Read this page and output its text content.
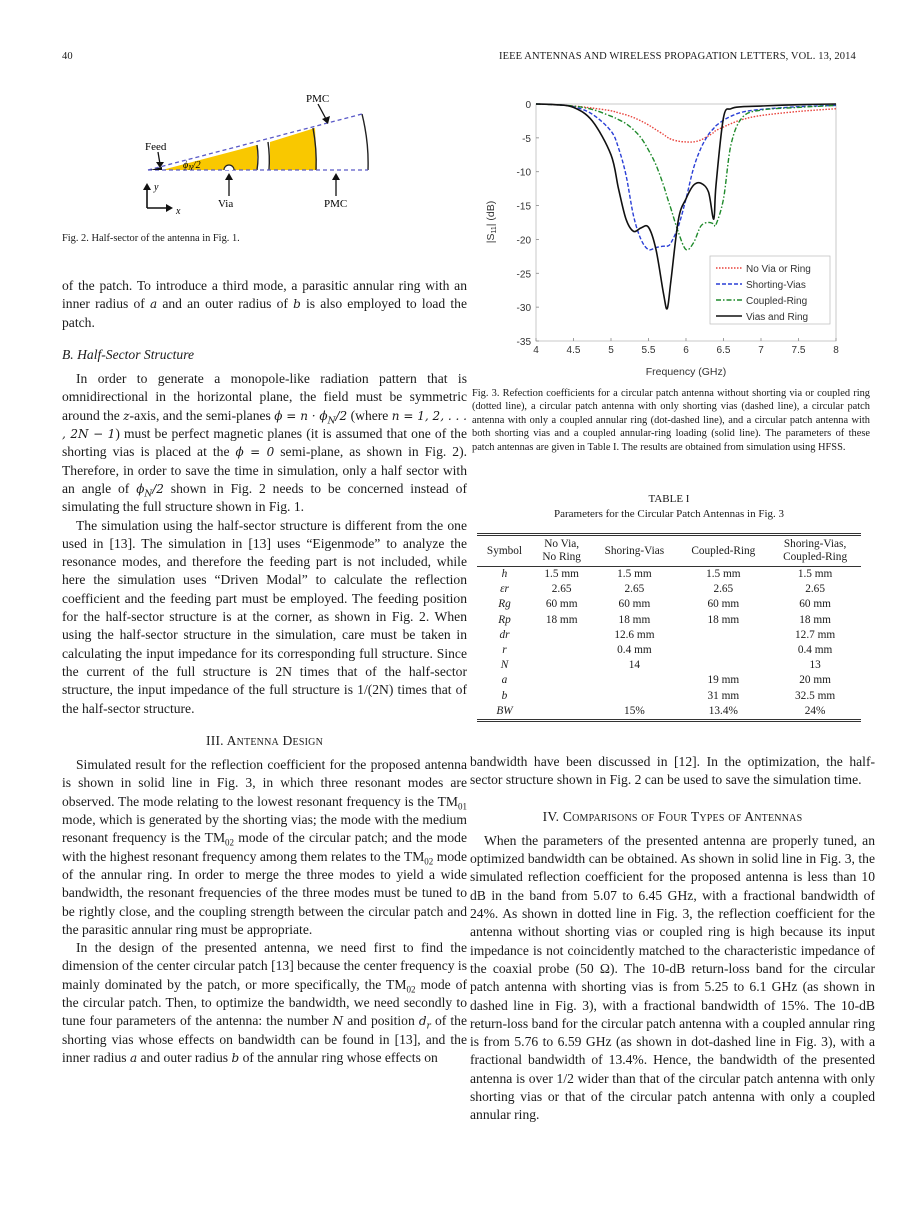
40	IEEE ANTENNAS AND WIRELESS PROPAGATION LETTERS, VOL. 13, 2014
PMC
PMC
Feed
Via
$\phi_N/2$
y
x
Fig. 2. Half-sector of the antenna in Fig. 1.

of the patch. To introduce a third mode, a parasitic annular ring with an inner radius of a and an outer radius of b is also employed to load the patch.

B. Half-Sector Structure

In order to generate a monopole-like radiation pattern that is omnidirectional in the horizontal plane, the field must be symmetric around the z-axis, and the semi-planes $\phi = n \cdot \phi_N/2$ (where n = 1, 2, . . . , 2N − 1) must be perfect magnetic planes (it is assumed that one of the shorting vias is placed at the ϕ = 0 semi-plane, as shown in Fig. 2). Therefore, in order to save the time in simulation, only a half sector with an angle of $\phi_N/2$ shown in Fig. 2 needs to be concerned instead of simulating the full structure shown in Fig. 1.

The simulation using the half-sector structure is different from the one used in [13]. The simulation in [13] uses “Eigenmode” to analyze the resonance modes, and therefore the feeding part is not included, while here the simulation uses “Driven Modal” to calculate the reflection coefficient and the feeding part must be employed. The feeding position for the half-sector structure is at the corner, as shown in Fig. 2. When using the half-sector structure in the simulation, care must be taken in calculating the input impedance for its corresponding full structure. Since the current of the full structure is 2N times that of the half-sector structure, the input impedance of the full structure is 1/(2N) times that of the half-sector structure.

III. Antenna Design

Simulated result for the reflection coefficient for the proposed antenna is shown in solid line in Fig. 3, in which three resonant modes are observed. The mode relating to the lowest resonant frequency is the $TM_{01}$ mode, which is generated by the shorting vias; the mode with the medium resonant frequency is the $TM_{02}$ mode of the circular patch; and the mode with the highest resonant frequency among them relates to the $TM_{02}$ mode of the annular ring. In order to merge the three modes to yield a wide bandwidth, the resonant frequencies of the three modes must be tuned to be rightly close, and the coupling strength between the circular patch and the parasitic annular ring must be appropriate.

In the design of the presented antenna, we need first to find the dimension of the center circular patch [13] because the center frequency is mainly dominated by the patch, or more specifically, the $TM_{02}$ mode of the circular patch. Then, to optimize the bandwidth, we need secondly to tune four parameters of the antenna: the number N and position $d_r$ of the shorting vias whose effects on bandwidth can be found in [13], and the inner radius a and outer radius b of the annular ring whose effects on

4	4.5	5	5.5	6	6.5	7	7.5	8
0
-5
-10
-15
-20
-25
-30
-35
Frequency (GHz)
|S11| (dB)
No Via or Ring
Shorting-Vias
Coupled-Ring
Vias and Ring
Fig. 3. Refection coefficients for a circular patch antenna without shorting via or coupled ring (dotted line), a circular patch antenna with only shorting vias (dashed line), a circular patch antenna with only a coupled annular ring (dot-dashed line), and a circular patch antenna with both shorting vias and a coupled annular-ring loading (solid line). The parameters of these patch antennas are given in Table I. The results are obtained from simulation using HFSS.
TABLE I
Parameters for the Circular Patch Antennas in Fig. 3
Symbol	No Via,
No Ring	Shoring-Vias	Coupled-Ring	Shoring-Vias,
Coupled-Ring
h	1.5 mm	1.5 mm	1.5 mm	1.5 mm
εr	2.65	2.65	2.65	2.65
Rg	60 mm	60 mm	60 mm	60 mm
Rp	18 mm	18 mm	18 mm	18 mm
dr		12.6 mm		12.7 mm
r		0.4 mm		0.4 mm
N		14		13
a			19 mm	20 mm
b			31 mm	32.5 mm
BW		15%	13.4%	24%

bandwidth have been discussed in [12]. In the optimization, the half-sector structure shown in Fig. 2 can be used to save the simulation time.

IV. Comparisons of Four Types of Antennas

When the parameters of the presented antenna are properly tuned, an optimized bandwidth can be obtained. As shown in solid line in Fig. 3, the simulated reflection coefficient for the proposed antenna is less than 10 dB in the band from 5.07 to 6.45 GHz, with a fractional bandwidth of 24%. As shown in dotted line in Fig. 3, the reflection coefficient for the antenna without shorting vias or coupled ring is high because its input impedance is not coincidently matched to the characteristic impedance of the coaxial probe (50 Ω). The 10-dB return-loss band for the circular patch antenna with shorting vias is from 5.25 to 6.1 GHz (as shown in dashed line in Fig. 3), with a fractional bandwidth of 15%. The 10-dB return-loss band for the circular patch antenna with a coupled annular ring is from 5.76 to 6.59 GHz (as shown in dot-dashed line in Fig. 3), with a fractional bandwidth of 13.4%. Hence, the bandwidth of the presented antenna is over 1/2 wider than that of the circular patch antenna with only shorting vias or that of the circular patch antenna with only a coupled annular ring.
